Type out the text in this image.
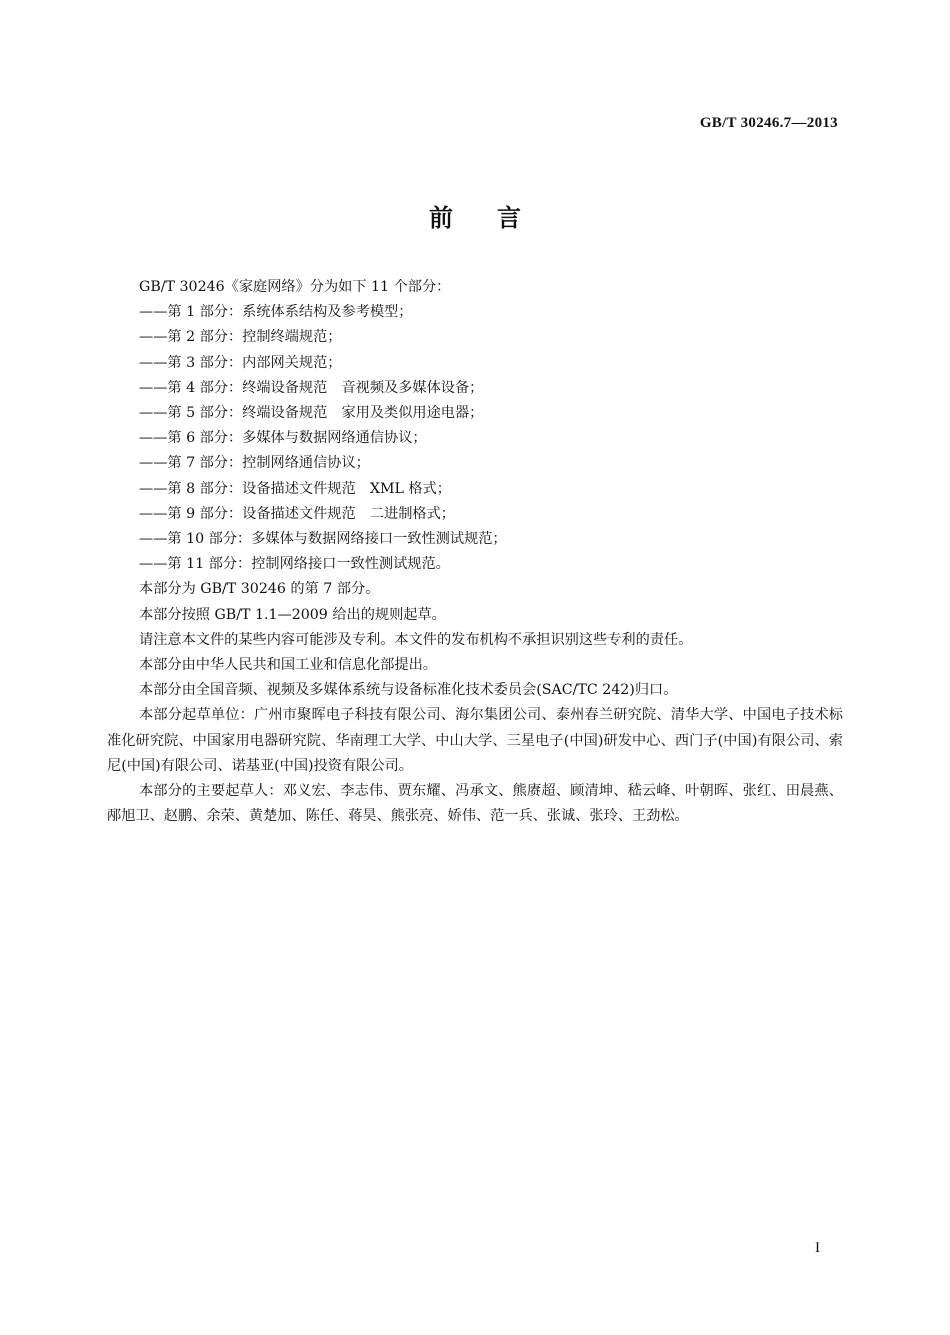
GB/T 30246.7—2013
前言

GB/T 30246《家庭网络》分为如下 11 个部分：

——第 1 部分：系统体系结构及参考模型；

——第 2 部分：控制终端规范；

——第 3 部分：内部网关规范；

——第 4 部分：终端设备规范　音视频及多媒体设备；

——第 5 部分：终端设备规范　家用及类似用途电器；

——第 6 部分：多媒体与数据网络通信协议；

——第 7 部分：控制网络通信协议；

——第 8 部分：设备描述文件规范　XML 格式；

——第 9 部分：设备描述文件规范　二进制格式；

——第 10 部分：多媒体与数据网络接口一致性测试规范；

——第 11 部分：控制网络接口一致性测试规范。

本部分为 GB/T 30246 的第 7 部分。

本部分按照 GB/T 1.1—2009 给出的规则起草。

请注意本文件的某些内容可能涉及专利。本文件的发布机构不承担识别这些专利的责任。

本部分由中华人民共和国工业和信息化部提出。

本部分由全国音频、视频及多媒体系统与设备标准化技术委员会(SAC/TC 242)归口。

本部分起草单位：广州市聚晖电子科技有限公司、海尔集团公司、泰州春兰研究院、清华大学、中国电子技术标准化研究院、中国家用电器研究院、华南理工大学、中山大学、三星电子(中国)研发中心、西门子(中国)有限公司、索尼(中国)有限公司、诺基亚(中国)投资有限公司。

本部分的主要起草人：邓义宏、李志伟、贾东耀、冯承文、熊赓超、顾清坤、嵇云峰、叶朝晖、张红、田晨燕、邴旭卫、赵鹏、余荣、黄楚加、陈任、蒋昊、熊张亮、娇伟、范一兵、张诚、张玲、王劲松。

I
